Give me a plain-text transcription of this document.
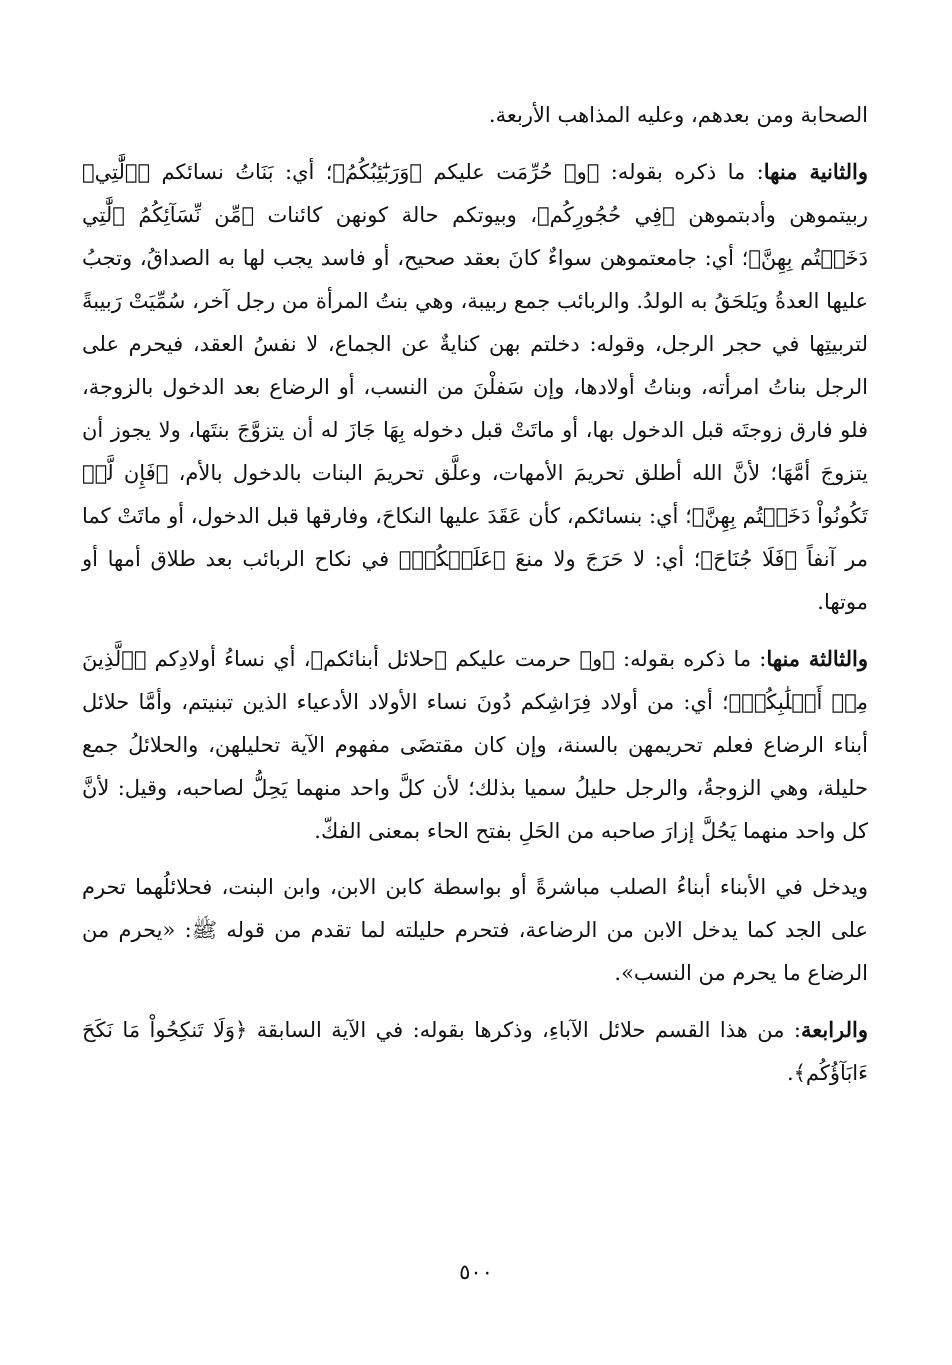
الصحابة ومن بعدهم، وعليه المذاهب الأربعة.

والثانية منها: ما ذكره بقوله: ﴿و﴾ حُرِّمَت عليكم ﴿وَرَبَٰٓئِبُكُمُ﴾؛ أي: بَنَاتُ نسائكم ﴿ٱلَّٰتِي﴾ ربيتموهن وأدبتموهن ﴿فِي حُجُورِكُم﴾، وبيوتكم حالة كونهن كائنات ﴿مِّن نِّسَآئِكُمُ ٱلَّٰتِي دَخَلۡتُم بِهِنَّ﴾؛ أي: جامعتموهن سواءٌ كانَ بعقد صحيح، أو فاسد يجب لها به الصداقُ، وتجبُ عليها العدةُ ويَلحَقُ به الولدُ. والربائب جمع ربيبة، وهي بنتُ المرأة من رجل آخر، سُمِّيَتْ رَبيبةً لتربيتِها في حجر الرجل، وقوله: دخلتم بهن كنايةٌ عن الجماع، لا نفسُ العقد، فيحرم على الرجل بناتُ امرأته، وبناتُ أولادها، وإن سَفلْنَ من النسب، أو الرضاع بعد الدخول بالزوجة، فلو فارق زوجتَه قبل الدخول بها، أو ماتَتْ قبل دخوله بِهَا جَازَ له أن يتزوَّجَ بنتَها، ولا يجوز أن يتزوجَ أمَّهَا؛ لأنَّ الله أطلق تحريمَ الأمهات، وعلَّق تحريمَ البنات بالدخول بالأم، ﴿فَإِن لَّمۡ تَكُونُواْ دَخَلۡتُم بِهِنَّ﴾؛ أي: بنسائكم، كأن عَقَدَ عليها النكاحَ، وفارقها قبل الدخول، أو ماتَتْ كما مر آنفاً ﴿فَلَا جُنَاحَ﴾؛ أي: لا حَرَجَ ولا منعَ ﴿عَلَيۡكُمۡ﴾ في نكاح الربائب بعد طلاق أمها أو موتها.

والثالثة منها: ما ذكره بقوله: ﴿و﴾ حرمت عليكم ﴿حلائل أبنائكم﴾، أي نساءُ أولادِكم ﴿ٱلَّذِينَ مِنۡ أَصۡلَٰبِكُمۡ﴾؛ أي: من أولاد فِرَاشِكم دُونَ نساء الأولاد الأدعياء الذين تبنيتم، وأمَّا حلائل أبناء الرضاع فعلم تحريمهن بالسنة، وإن كان مقتضَى مفهوم الآية تحليلهن، والحلائلُ جمع حليلة، وهي الزوجةُ، والرجل حليلُ سميا بذلك؛ لأن كلَّ واحد منهما يَحِلُّ لصاحبه، وقيل: لأنَّ كل واحد منهما يَحُلَّ إزارَ صاحبه من الحَلِ بفتح الحاء بمعنى الفكّ.

ويدخل في الأبناء أبناءُ الصلب مباشرةً أو بواسطة كابن الابن، وابن البنت، فحلائلُهما تحرم على الجد كما يدخل الابن من الرضاعة، فتحرم حليلته لما تقدم من قوله ﷺ: «يحرم من الرضاع ما يحرم من النسب».

والرابعة: من هذا القسم حلائل الآباءِ، وذكرها بقوله: في الآية السابقة ﴿وَلَا تَنكِحُواْ مَا نَكَحَ ءَابَآؤُكُم﴾.

٥٠٠
